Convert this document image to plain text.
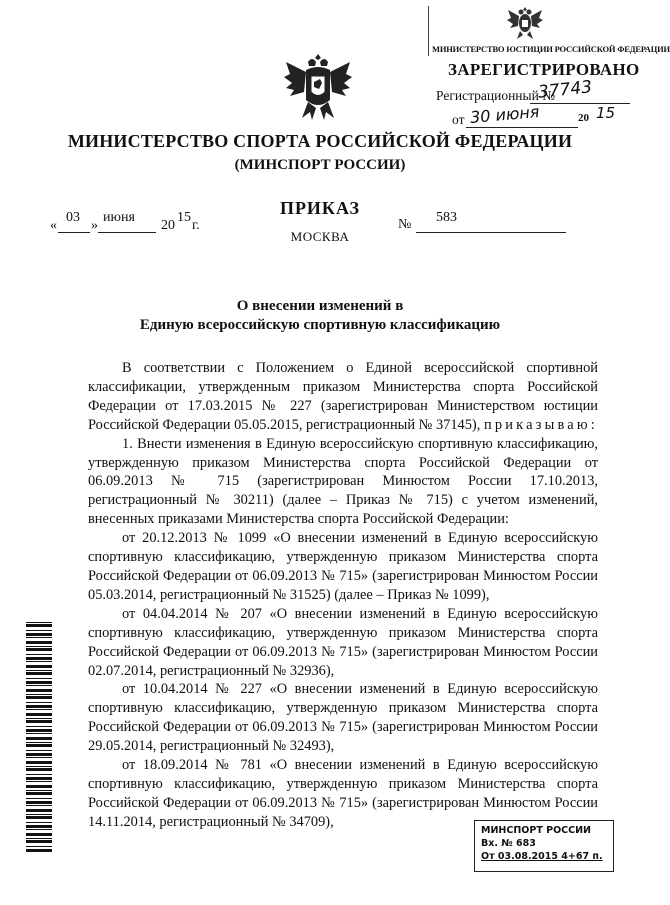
МИНИСТЕРСТВО ЮСТИЦИИ РОССИЙСКОЙ ФЕДЕРАЦИИ
ЗАРЕГИСТРИРОВАНО
Регистрационный №
37743
от 30 июня	20 15
МИНИСТЕРСТВО СПОРТА РОССИЙСКОЙ ФЕДЕРАЦИИ
(МИНСПОРТ РОССИИ)
ПРИКАЗ
МОСКВА
«
03
»
июня
20
15
г.	№ 583
О внесении изменений в
Единую всероссийскую спортивную классификацию

В соответствии с Положением о Единой всероссийской спортивной классификации, утвержденным приказом Министерства спорта Российской Федерации от 17.03.2015 № 227 (зарегистрирован Министерством юстиции Российской Федерации 05.05.2015, регистрационный № 37145), приказываю:

1. Внести изменения в Единую всероссийскую спортивную классификацию, утвержденную приказом Министерства спорта Российской Федерации от 06.09.2013 № 715 (зарегистрирован Минюстом России 17.10.2013, регистрационный № 30211) (далее – Приказ № 715) с учетом изменений, внесенных приказами Министерства спорта Российской Федерации:

от 20.12.2013 № 1099 «О внесении изменений в Единую всероссийскую спортивную классификацию, утвержденную приказом Министерства спорта Российской Федерации от 06.09.2013 № 715» (зарегистрирован Минюстом России 05.03.2014, регистрационный № 31525) (далее – Приказ № 1099),

от 04.04.2014 № 207 «О внесении изменений в Единую всероссийскую спортивную классификацию, утвержденную приказом Министерства спорта Российской Федерации от 06.09.2013 № 715» (зарегистрирован Минюстом России 02.07.2014, регистрационный № 32936),

от 10.04.2014 № 227 «О внесении изменений в Единую всероссийскую спортивную классификацию, утвержденную приказом Министерства спорта Российской Федерации от 06.09.2013 № 715» (зарегистрирован Минюстом России 29.05.2014, регистрационный № 32493),

от 18.09.2014 № 781 «О внесении изменений в Единую всероссийскую спортивную классификацию, утвержденную приказом Министерства спорта Российской Федерации от 06.09.2013 № 715» (зарегистрирован Минюстом России 14.11.2014, регистрационный № 34709),

МИНСПОРТ РОССИИ
Вх. № 683
От 03.08.2015 4+67 п.
